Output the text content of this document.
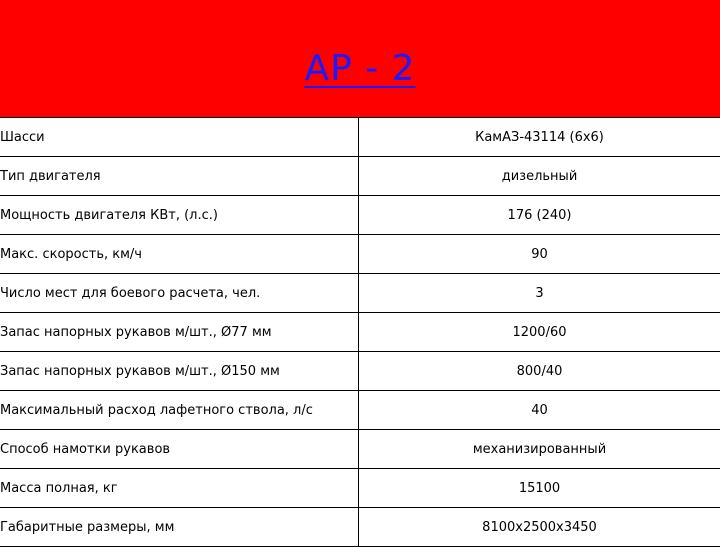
АР - 2
Шасси	КамАЗ-43114 (6х6)
Тип двигателя	дизельный
Мощность двигателя КВт, (л.с.)	176 (240)
Макс. скорость, км/ч	90
Число мест для боевого расчета, чел.	3
Запас напорных рукавов м/шт., Ø77 мм	1200/60
Запас напорных рукавов м/шт., Ø150 мм	800/40
Максимальный расход лафетного ствола, л/с	40
Способ намотки рукавов	механизированный
Масса полная, кг	15100
Габаритные размеры, мм	8100х2500х3450
